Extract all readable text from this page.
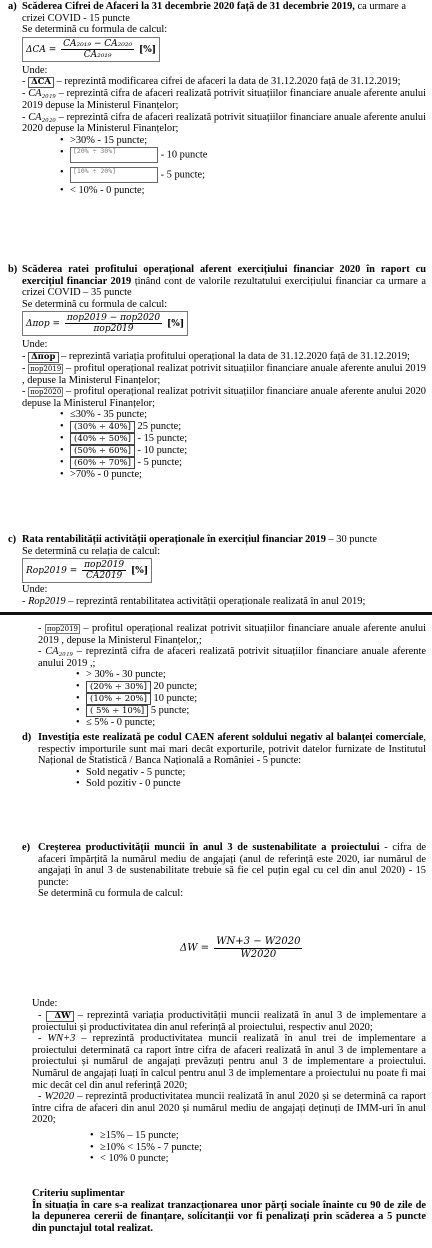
a) Scăderea Cifrei de Afaceri la 31 decembrie 2020 față de 31 decembrie 2019, ca urmare a crizei COVID - 15 puncte

Se determină cu formula de calcul:

$\Delta CA = \frac{\text{CA₂₀₁₉ − CA₂₀₂₀}}{\text{CA₂₀₁₉}}$ [%]

Unde:

- ΔCA – reprezintă modificarea cifrei de afaceri la data de 31.12.2020 față de 31.12.2019;

- CA₂₀₁₉ – reprezintă cifra de afaceri realizată potrivit situațiilor financiare anuale aferente anului 2019 depuse la Ministerul Finanțelor;

- CA₂₀₂₀ – reprezintă cifra de afaceri realizată potrivit situațiilor financiare anuale aferente anului 2020 depuse la Ministerul Finanțelor;

• >30% - 15 puncte;
• [20% ÷ 30%]	- 10 puncte
• [10% ÷ 20%]	- 5 puncte;
• < 10% - 0 puncte;
b) Scăderea ratei profitului operațional aferent exercițiului financiar 2020 în raport cu exercițiul financiar 2019 ținând cont de valorile rezultatului exercițiului financiar ca urmare a crizei COVID – 35 puncte

Se determină cu formula de calcul:

$\Delta\pi op = \frac{\text{πop2019 − πop2020}}{\text{πop2019}}$ [%]

Unde:

- Δπop – reprezintă variația profitului operațional la data de 31.12.2020 față de 31.12.2019;

- πop2019 – profitul operațional realizat potrivit situațiilor financiare anuale aferente anului 2019 , depuse la Ministerul Finanțelor;

- πop2020 – profitul operațional realizat potrivit situațiilor financiare anuale aferente anului 2020 depuse la Ministerul Finanțelor;

• ≤30% - 35 puncte;
• (30% ÷ 40%] 25 puncte;
• (40% ÷ 50%] - 15 puncte;
• (50% ÷ 60%] - 10 puncte;
• (60% ÷ 70%] - 5 puncte;
• >70% - 0 puncte;
c) Rata rentabilității activității operaționale în exercițiul financiar 2019 – 30 puncte

Se determină cu relația de calcul:

$Rop2019 = \frac{\text{πop2019}}{CA2019}$ [%]

Unde:

- Rop2019 – reprezintă rentabilitatea activității operaționale realizată în anul 2019;

- πop2019 – profitul operațional realizat potrivit situațiilor financiare anuale aferente anului 2019 , depuse la Ministerul Finanțelor,;

- CA₂₀₁₉ – reprezintă cifra de afaceri realizată potrivit situațiilor financiare anuale aferente anului 2019 ,;

• > 30% - 30 puncte;
• (20% ÷ 30%] 20 puncte;
• (10% ÷ 20%] 10 puncte;
• ( 5% ÷ 10%] 5 puncte;
• ≤ 5% - 0 puncte;
d) Investiția este realizată pe codul CAEN aferent soldului negativ al balanței comerciale, respectiv importurile sunt mai mari decât exporturile, potrivit datelor furnizate de Institutul Național de Statistică / Banca Națională a României - 5 puncte:

• Sold negativ - 5 puncte;
• Sold pozitiv - 0 puncte
e) Creșterea productivității muncii în anul 3 de sustenabilitate a proiectului - cifra de afaceri împărțită la numărul mediu de angajați (anul de referință este 2020, iar numărul de angajați în anul 3 de sustenabilitate trebuie să fie cel puțin egal cu cel din anul 2020) - 15 puncte:

Se determină cu formula de calcul:

$\Delta W = \frac{WN+3 - W2020}{W2020}$

Unde:

- ΔW – reprezintă variația productivității muncii realizată în anul 3 de implementare a proiectului și productivitatea din anul referință al proiectului, respectiv anul 2020;

- WN+3 – reprezintă productivitatea muncii realizată în anul trei de implementare a proiectului determinată ca raport între cifra de afaceri realizată în anul 3 de implementare a proiectului și numărul de angajați prevăzuți pentru anul 3 de implementare a proiectului. Numărul de angajați luați în calcul pentru anul 3 de implementare a proiectului nu poate fi mai mic decât cel din anul referință 2020;

- W2020 – reprezintă productivitatea muncii realizată în anul 2020 și se determină ca raport între cifra de afaceri din anul 2020 și numărul mediu de angajați deținuți de IMM-uri în anul 2020;

• ≥15% – 15 puncte;
• ≥10% < 15% - 7 puncte;
• < 10% 0 puncte;

Criteriu suplimentar

În situația în care s-a realizat tranzacționarea unor părți sociale înainte cu 90 de zile de la depunerea cererii de finanțare, solicitanții vor fi penalizați prin scăderea a 5 puncte din punctajul total realizat.
